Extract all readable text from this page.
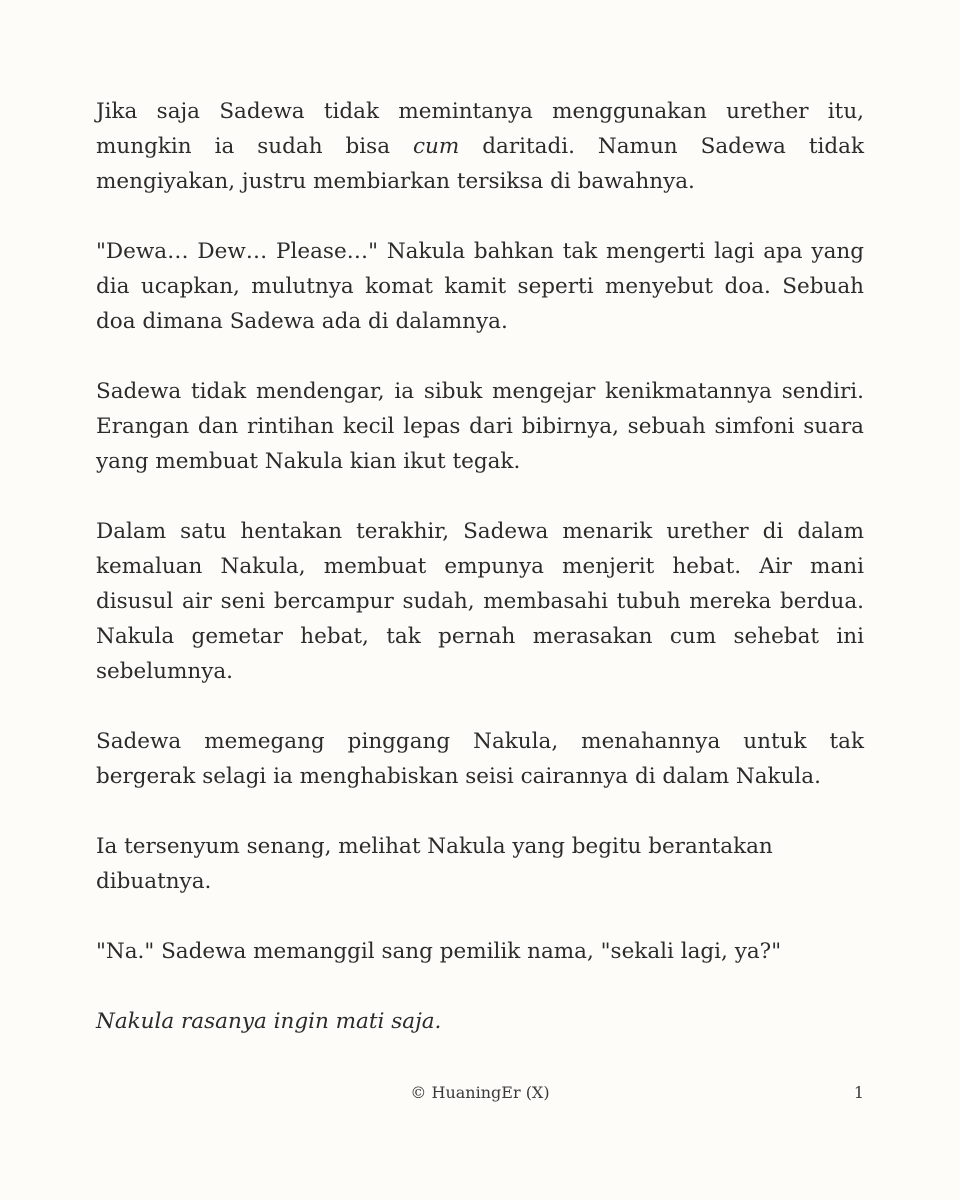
Jika saja Sadewa tidak memintanya menggunakan urether itu, mungkin ia sudah bisa cum daritadi. Namun Sadewa tidak mengiyakan, justru membiarkan tersiksa di bawahnya.

"Dewa… Dew… Please…" Nakula bahkan tak mengerti lagi apa yang dia ucapkan, mulutnya komat kamit seperti menyebut doa. Sebuah doa dimana Sadewa ada di dalamnya.

Sadewa tidak mendengar, ia sibuk mengejar kenikmatannya sendiri. Erangan dan rintihan kecil lepas dari bibirnya, sebuah simfoni suara yang membuat Nakula kian ikut tegak.

Dalam satu hentakan terakhir, Sadewa menarik urether di dalam kemaluan Nakula, membuat empunya menjerit hebat. Air mani disusul air seni bercampur sudah, membasahi tubuh mereka berdua. Nakula gemetar hebat, tak pernah merasakan cum sehebat ini sebelumnya.

Sadewa memegang pinggang Nakula, menahannya untuk tak bergerak selagi ia menghabiskan seisi cairannya di dalam Nakula.

Ia tersenyum senang, melihat Nakula yang begitu berantakan dibuatnya.

"Na." Sadewa memanggil sang pemilik nama, "sekali lagi, ya?"

Nakula rasanya ingin mati saja.

© HuaningEr (X)	1
